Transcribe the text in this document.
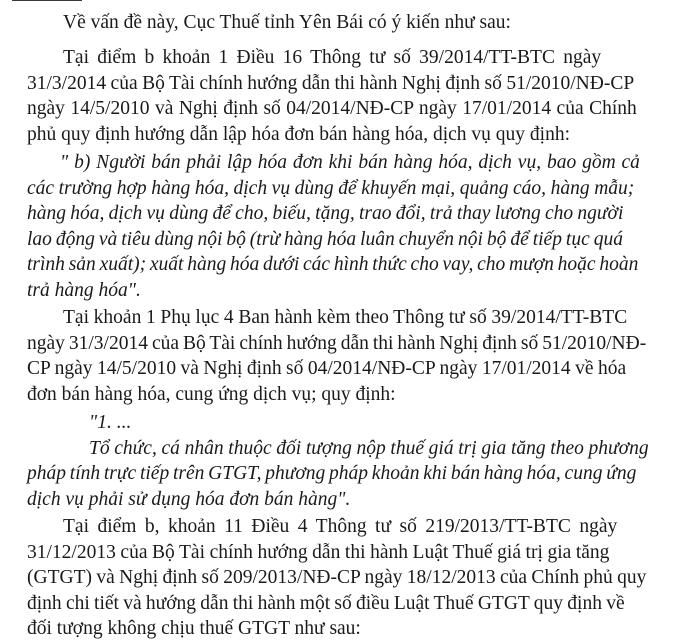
Về vấn đề này, Cục Thuế tỉnh Yên Bái có ý kiến như sau:
Tại điểm b khoản 1 Điều 16 Thông tư số 39/2014/TT-BTC ngày
31/3/2014 của Bộ Tài chính hướng dẫn thi hành Nghị định số 51/2010/NĐ-CP
ngày 14/5/2010 và Nghị định số 04/2014/NĐ-CP ngày 17/01/2014 của Chính
phủ quy định hướng dẫn lập hóa đơn bán hàng hóa, dịch vụ quy định:
" b) Người bán phải lập hóa đơn khi bán hàng hóa, dịch vụ, bao gồm cả
các trường hợp hàng hóa, dịch vụ dùng để khuyến mại, quảng cáo, hàng mẫu;
hàng hóa, dịch vụ dùng để cho, biếu, tặng, trao đổi, trả thay lương cho người
lao động và tiêu dùng nội bộ (trừ hàng hóa luân chuyển nội bộ để tiếp tục quá
trình sản xuất); xuất hàng hóa dưới các hình thức cho vay, cho mượn hoặc hoàn
trả hàng hóa".
Tại khoản 1 Phụ lục 4 Ban hành kèm theo Thông tư số 39/2014/TT-BTC
ngày 31/3/2014 của Bộ Tài chính hướng dẫn thi hành Nghị định số 51/2010/NĐ-
CP ngày 14/5/2010 và Nghị định số 04/2014/NĐ-CP ngày 17/01/2014 về hóa
đơn bán hàng hóa, cung ứng dịch vụ; quy định:
"1. ...
Tổ chức, cá nhân thuộc đối tượng nộp thuế giá trị gia tăng theo phương
pháp tính trực tiếp trên GTGT, phương pháp khoản khi bán hàng hóa, cung ứng
dịch vụ phải sử dụng hóa đơn bán hàng".
Tại điểm b, khoản 11 Điều 4 Thông tư số 219/2013/TT-BTC ngày
31/12/2013 của Bộ Tài chính hướng dẫn thi hành Luật Thuế giá trị gia tăng
(GTGT) và Nghị định số 209/2013/NĐ-CP ngày 18/12/2013 của Chính phủ quy
định chi tiết và hướng dẫn thi hành một số điều Luật Thuế GTGT quy định về
đối tượng không chịu thuế GTGT như sau:
